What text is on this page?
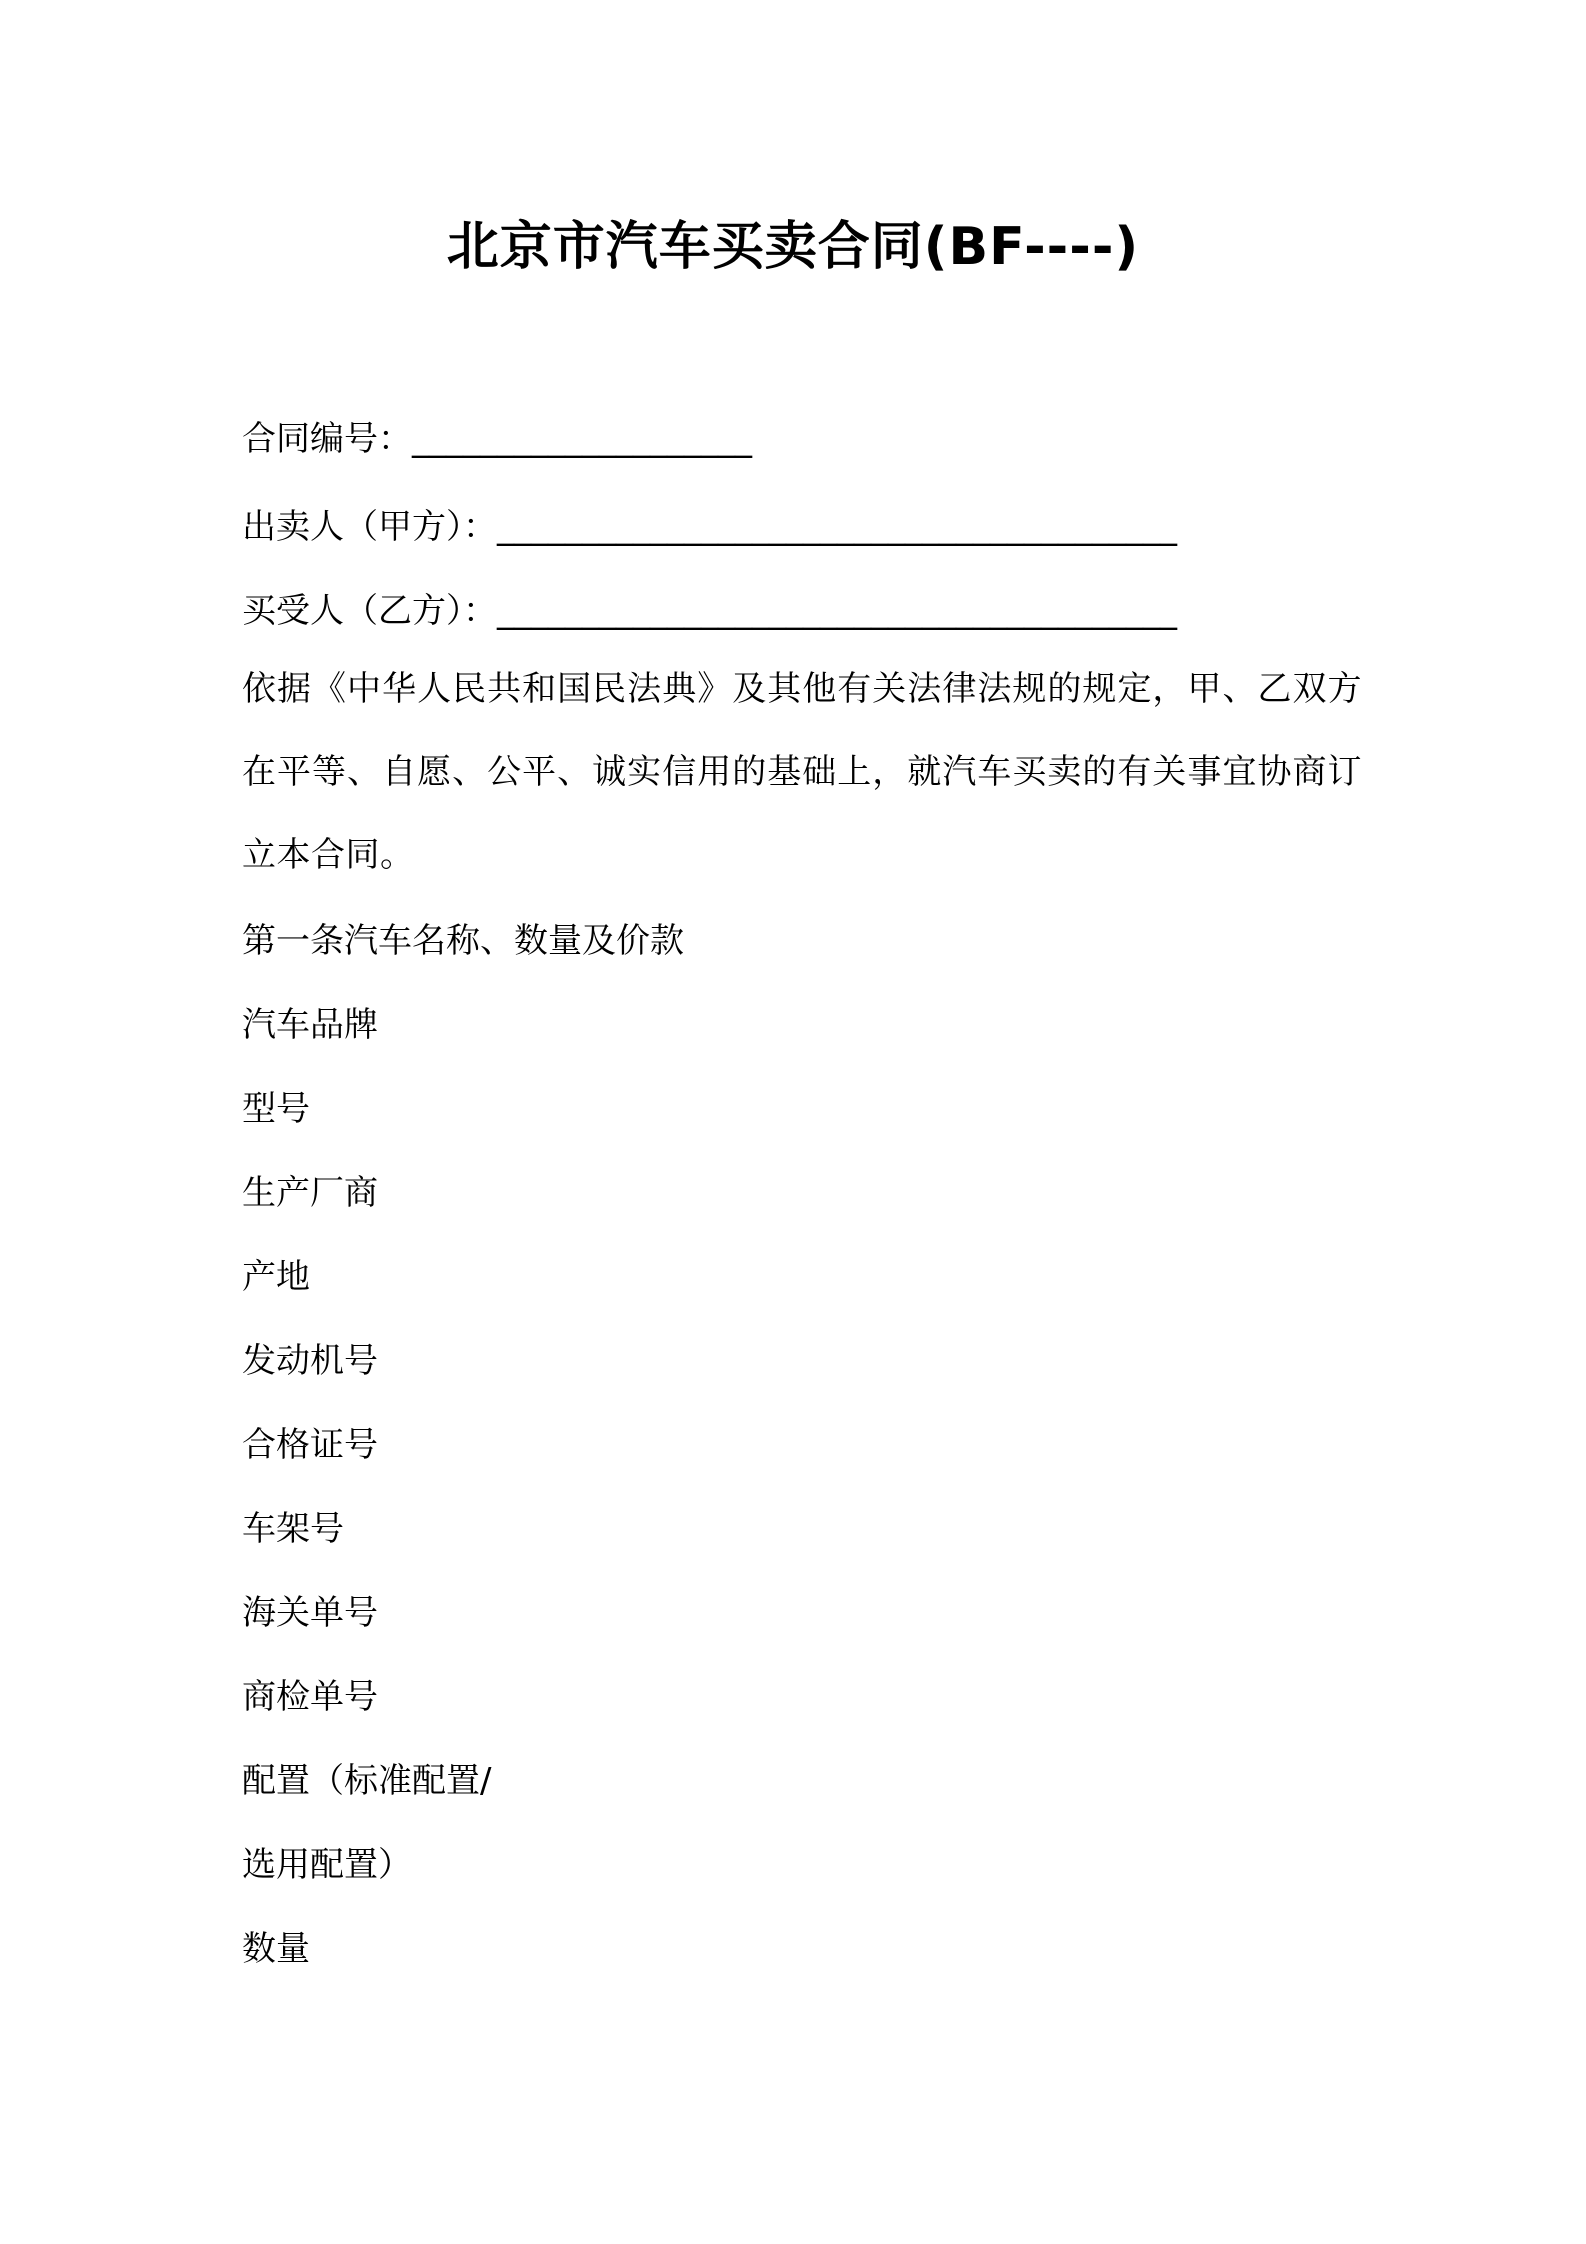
北京市汽车买卖合同(BF----)
合同编号：____________________
出卖人（甲方）：________________________________________
买受人（乙方）：________________________________________
依据《中华人民共和国民法典》及其他有关法律法规的规定，甲、乙双方在平等、自愿、公平、诚实信用的基础上，就汽车买卖的有关事宜协商订立本合同。
第一条汽车名称、数量及价款
汽车品牌
型号
生产厂商
产地
发动机号
合格证号
车架号
海关单号
商检单号
配置（标准配置/
选用配置）
数量
